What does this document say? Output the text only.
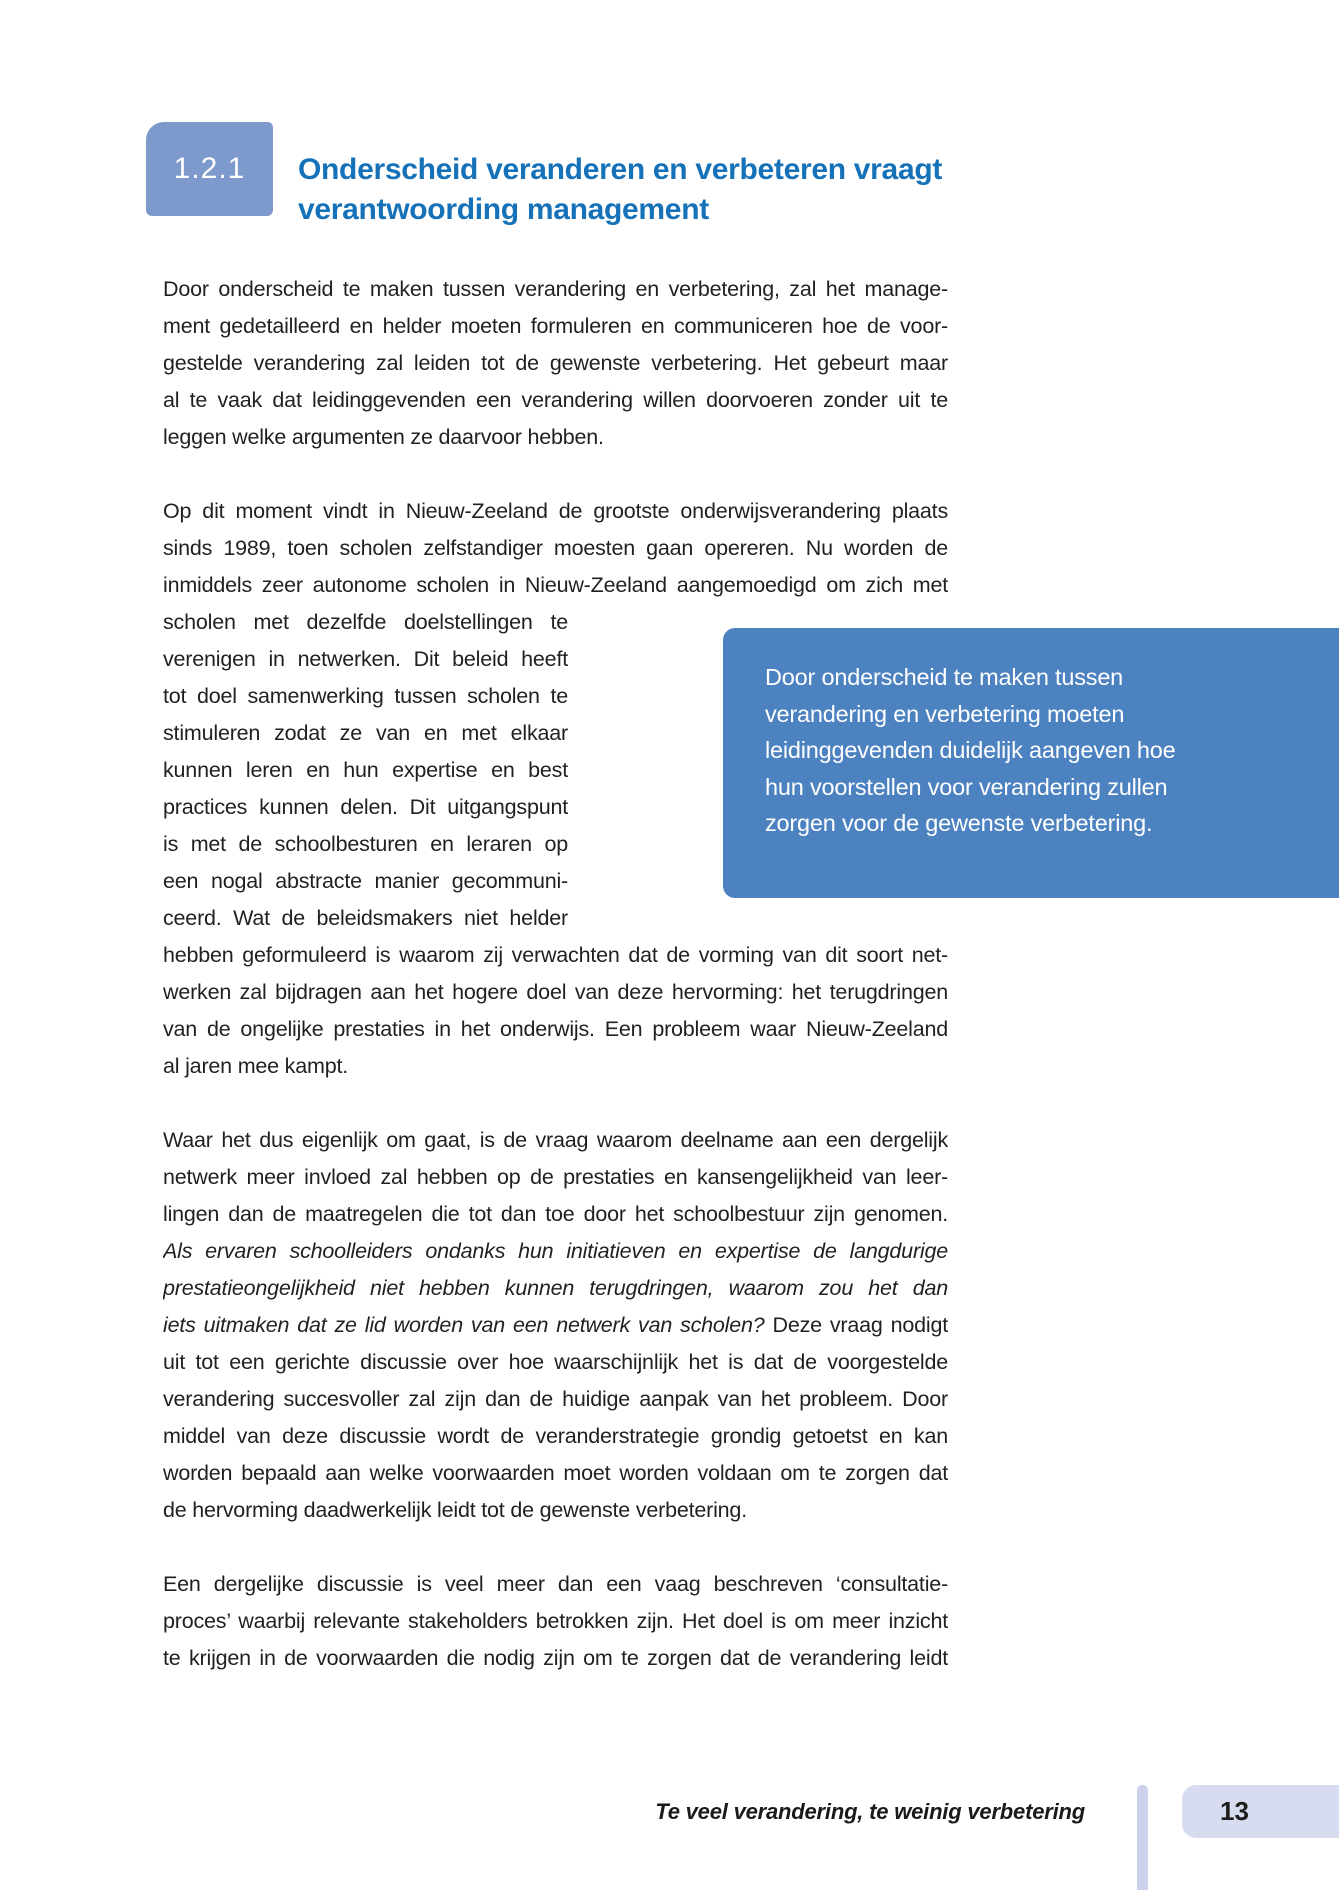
1.2.1 Onderscheid veranderen en verbeteren vraagt
verantwoording management
Door onderscheid te maken tussen verandering en verbetering, zal het manage-
ment gedetailleerd en helder moeten formuleren en communiceren hoe de voor-
gestelde verandering zal leiden tot de gewenste verbetering. Het gebeurt maar
al te vaak dat leidinggevenden een verandering willen doorvoeren zonder uit te
leggen welke argumenten ze daarvoor hebben.
Op dit moment vindt in Nieuw-Zeeland de grootste onderwijsverandering plaats
sinds 1989, toen scholen zelfstandiger moesten gaan opereren. Nu worden de
inmiddels zeer autonome scholen in Nieuw-Zeeland aangemoedigd om zich met
scholen met dezelfde doelstellingen te
verenigen in netwerken. Dit beleid heeft
tot doel samenwerking tussen scholen te
stimuleren zodat ze van en met elkaar
kunnen leren en hun expertise en best
practices kunnen delen. Dit uitgangspunt
is met de schoolbesturen en leraren op
een nogal abstracte manier gecommuni-
ceerd. Wat de beleidsmakers niet helder
hebben geformuleerd is waarom zij verwachten dat de vorming van dit soort net-
werken zal bijdragen aan het hogere doel van deze hervorming: het terugdringen
van de ongelijke prestaties in het onderwijs. Een probleem waar Nieuw-Zeeland
al jaren mee kampt.
Waar het dus eigenlijk om gaat, is de vraag waarom deelname aan een dergelijk
netwerk meer invloed zal hebben op de prestaties en kansengelijkheid van leer-
lingen dan de maatregelen die tot dan toe door het schoolbestuur zijn genomen.
Als ervaren schoolleiders ondanks hun initiatieven en expertise de langdurige
prestatieongelijkheid niet hebben kunnen terugdringen, waarom zou het dan
iets uitmaken dat ze lid worden van een netwerk van scholen? Deze vraag nodigt
uit tot een gerichte discussie over hoe waarschijnlijk het is dat de voorgestelde
verandering succesvoller zal zijn dan de huidige aanpak van het probleem. Door
middel van deze discussie wordt de veranderstrategie grondig getoetst en kan
worden bepaald aan welke voorwaarden moet worden voldaan om te zorgen dat
de hervorming daadwerkelijk leidt tot de gewenste verbetering.
Een dergelijke discussie is veel meer dan een vaag beschreven ‘consultatie-
proces’ waarbij relevante stakeholders betrokken zijn. Het doel is om meer inzicht
te krijgen in de voorwaarden die nodig zijn om te zorgen dat de verandering leidt
Door onderscheid te maken tussen
verandering en verbetering moeten
leidinggevenden duidelijk aangeven hoe
hun voorstellen voor verandering zullen
zorgen voor de gewenste verbetering.
Te veel verandering, te weinig verbetering	13
